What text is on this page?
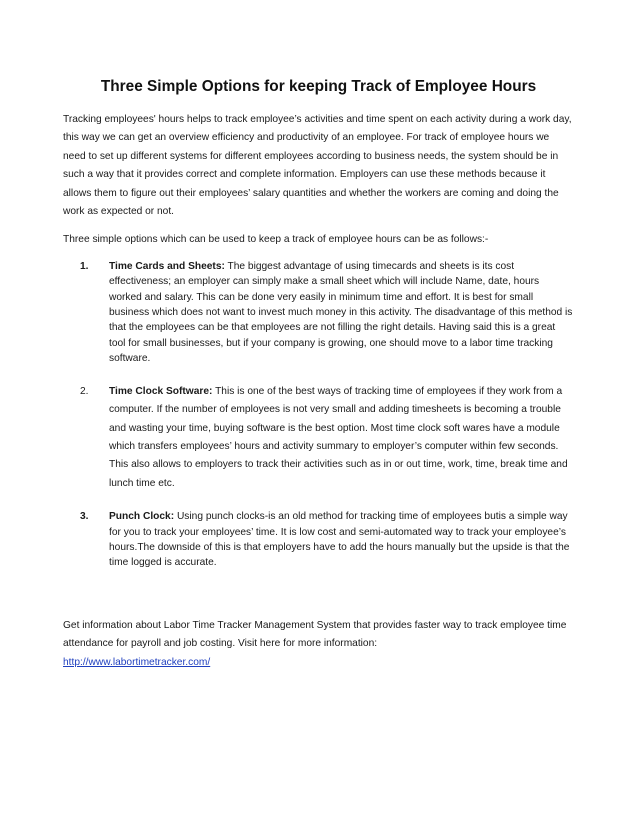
Three Simple Options for keeping Track of Employee Hours

Tracking employees' hours helps to track employee’s activities and time spent on each activity during a work day, this way we can get an overview efficiency and productivity of an employee. For track of employee hours we need to set up different systems for different employees according to business needs, the system should be in such a way that it provides correct and complete information. Employers can use these methods because it allows them to figure out their employees’ salary quantities and whether the workers are coming and doing the work as expected or not.

Three simple options which can be used to keep a track of employee hours can be as follows:-

1. Time Cards and Sheets: The biggest advantage of using timecards and sheets is its cost effectiveness; an employer can simply make a small sheet which will include Name, date, hours worked and salary. This can be done very easily in minimum time and effort. It is best for small business which does not want to invest much money in this activity. The disadvantage of this method is that the employees can be that employees are not filling the right details. Having said this is a great tool for small businesses, but if your company is growing, one should move to a labor time tracking software.
2. Time Clock Software: This is one of the best ways of tracking time of employees if they work from a computer. If the number of employees is not very small and adding timesheets is becoming a trouble and wasting your time, buying software is the best option. Most time clock soft wares have a module which transfers employees’ hours and activity summary to employer’s computer within few seconds. This also allows to employers to track their activities such as in or out time, work, time, break time and lunch time etc.
3. Punch Clock: Using punch clocks-is an old method for tracking time of employees butis a simple way for you to track your employees’ time. It is low cost and semi-automated way to track your employee’s hours.The downside of this is that employers have to add the hours manually but the upside is that the time logged is accurate.

Get information about Labor Time Tracker Management System that provides faster way to track employee time attendance for payroll and job costing. Visit here for more information:
http://www.labortimetracker.com/
